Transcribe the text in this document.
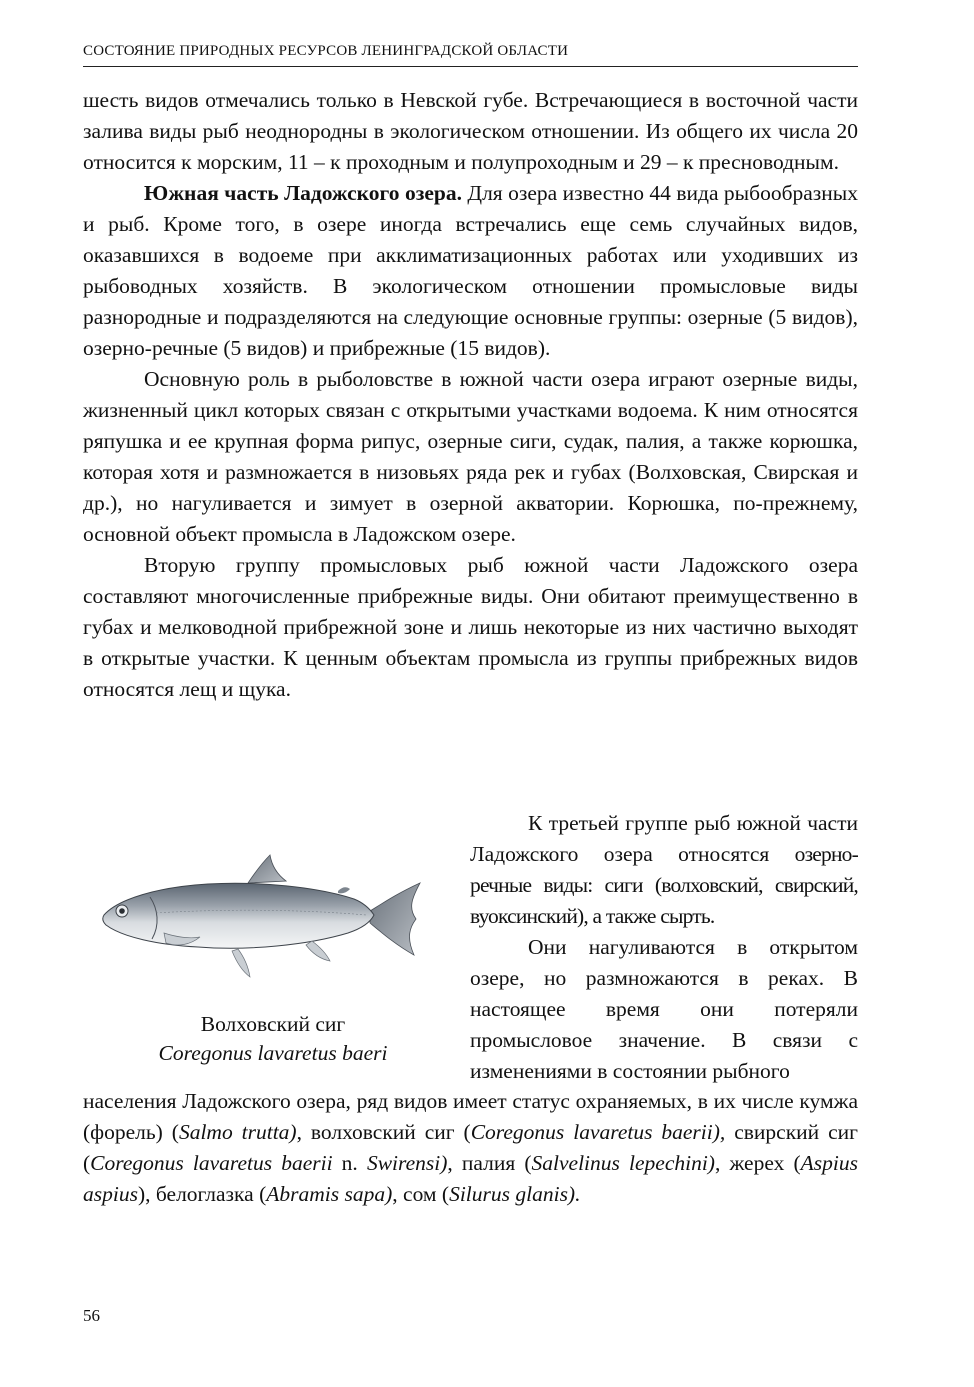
СОСТОЯНИЕ ПРИРОДНЫХ РЕСУРСОВ ЛЕНИНГРАДСКОЙ ОБЛАСТИ

шесть видов отмечались только в Невской губе. Встречающиеся в восточной части залива виды рыб неоднородны в экологическом отношении. Из общего их числа 20 относится к морским, 11 – к проходным и полупроходным и 29 – к пресноводным.

Южная часть Ладожского озера. Для озера известно 44 вида рыбообразных и рыб. Кроме того, в озере иногда встречались еще семь случайных видов, оказавшихся в водоеме при акклиматизационных работах или уходивших из рыбоводных хозяйств. В экологическом отношении промысловые виды разнородные и подразделяются на следующие основные группы: озерные (5 видов), озерно-речные (5 видов) и прибрежные (15 видов).

Основную роль в рыболовстве в южной части озера играют озерные виды, жизненный цикл которых связан с открытыми участками водоема. К ним относятся ряпушка и ее крупная форма рипус, озерные сиги, судак, палия, а также корюшка, которая хотя и размножается в низовьях ряда рек и губах (Волховская, Свирская и др.), но нагуливается и зимует в озерной акватории. Корюшка, по-прежнему, основной объект промысла в Ладожском озере.

Вторую группу промысловых рыб южной части Ладожского озера составляют многочисленные прибрежные виды. Они обитают преимущественно в губах и мелководной прибрежной зоне и лишь некоторые из них частично выходят в открытые участки. К ценным объектам промысла из группы прибрежных видов относятся лещ и щука.

Волховский сиг
Coregonus lavaretus baeri

К третьей группе рыб южной части Ладожского озера относятся озерно-речные виды: сиги (волховский, свирский, вуоксинский), а также сырть.

Они нагуливаются в открытом озере, но размножаются в реках. В настоящее время они потеряли промысловое значение. В связи с изменениями в состоянии рыбного

населения Ладожского озера, ряд видов имеет статус охраняемых, в их числе кумжа (форель) (Salmo trutta), волховский сиг (Coregonus lavaretus baerii), свирский сиг (Coregonus lavaretus baerii n. Swirensi), палия (Salvelinus lepechini), жерех (Aspius aspius), белоглазка (Abramis sapa), сом (Silurus glanis).

56
